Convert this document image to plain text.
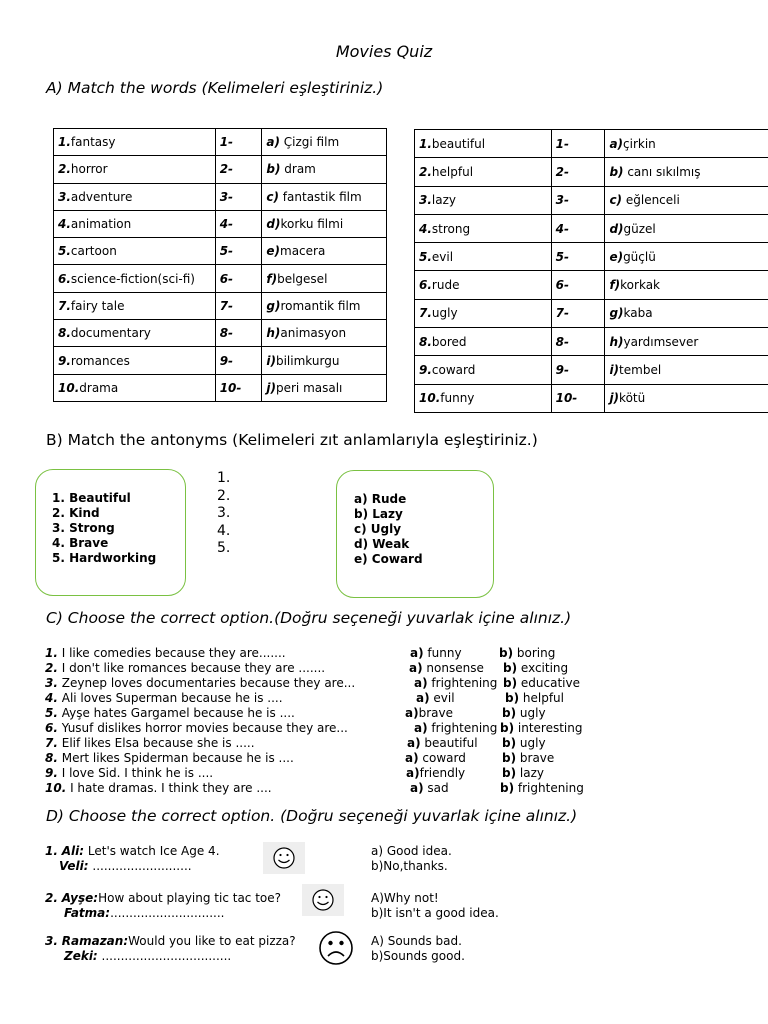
Movies Quiz
A) Match the words (Kelimeleri eşleştiriniz.)
1.fantasy	1-	a) Çizgi film
2.horror	2-	b) dram
3.adventure	3-	c) fantastik film
4.animation	4-	d)korku filmi
5.cartoon	5-	e)macera
6.science-fiction(sci-fi)	6-	f)belgesel
7.fairy tale	7-	g)romantik film
8.documentary	8-	h)animasyon
9.romances	9-	i)bilimkurgu
10.drama	10-	j)peri masalı
1.beautiful	1-	a)çirkin
2.helpful	2-	b) canı sıkılmış
3.lazy	3-	c) eğlenceli
4.strong	4-	d)güzel
5.evil	5-	e)güçlü
6.rude	6-	f)korkak
7.ugly	7-	g)kaba
8.bored	8-	h)yardımsever
9.coward	9-	i)tembel
10.funny	10-	j)kötü
B) Match the antonyms (Kelimeleri zıt anlamlarıyla eşleştiriniz.)
1. Beautiful
2. Kind
3. Strong
4. Brave
5. Hardworking
1.
2.
3.
4.
5.
a) Rude
b) Lazy
c) Ugly
d) Weak
e) Coward
C) Choose the correct option.(Doğru seçeneği yuvarlak içine alınız.)
1. I like comedies because they are.......	a) funny	b) boring
2. I don't like romances because they are .......	a) nonsense b) exciting
3. Zeynep loves documentaries because they are...	a) frightening b) educative
4. Ali loves Superman because he is ....	a) evil	b) helpful
5. Ayşe hates Gargamel because he is ....	a)brave	b) ugly
6. Yusuf dislikes horror movies because they are...	a) frightening b) interesting
7. Elif likes Elsa because she is .....	a) beautiful b) ugly
8. Mert likes Spiderman because he is ....	a) coward	b) brave
9. I love Sid. I think he is ....	a)friendly	b) lazy
10. I hate dramas. I think they are ....	a) sad	b) frightening
D) Choose the correct option. (Doğru seçeneği yuvarlak içine alınız.)
1. Ali: Let's watch Ice Age 4.
Veli: ..........................
a) Good idea.
b)No,thanks.
2. Ayşe:How about playing tic tac toe?
Fatma:..............................
A)Why not!
b)It isn't a good idea.
3. Ramazan:Would you like to eat pizza?
Zeki: ..................................
A) Sounds bad.
b)Sounds good.
